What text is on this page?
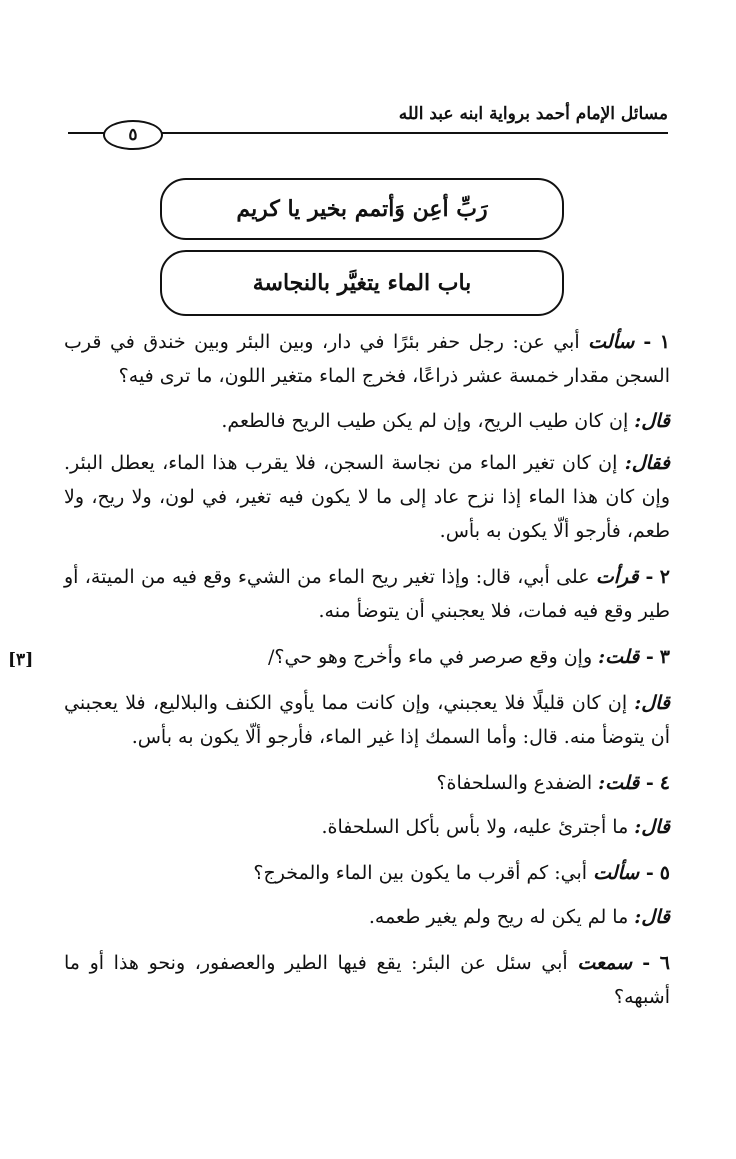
مسائل الإمام أحمد برواية ابنه عبد الله
٥
رَبِّ أعِن وَأتمم بخير يا كريم
باب الماء يتغيَّر بالنجاسة
[٣]
١ - سألت أبي عن: رجل حفر بئرًا في دار، وبين البئر وبين خندق في قرب السجن مقدار خمسة عشر ذراعًا، فخرج الماء متغير اللون، ما ترى فيه؟
قال: إن كان طيب الريح، وإن لم يكن طيب الريح فالطعم.
فقال: إن كان تغير الماء من نجاسة السجن، فلا يقرب هذا الماء، يعطل البئر. وإن كان هذا الماء إذا نزح عاد إلى ما لا يكون فيه تغير، في لون، ولا ريح، ولا طعم، فأرجو ألّا يكون به بأس.
٢ - قرأت على أبي، قال: وإذا تغير ريح الماء من الشيء وقع فيه من الميتة، أو طير وقع فيه فمات، فلا يعجبني أن يتوضأ منه.
٣ - قلت: وإن وقع صرصر في ماء وأخرج وهو حي؟/
قال: إن كان قليلًا فلا يعجبني، وإن كانت مما يأوي الكنف والبلاليع، فلا يعجبني أن يتوضأ منه. قال: وأما السمك إذا غير الماء، فأرجو ألّا يكون به بأس.
٤ - قلت: الضفدع والسلحفاة؟
قال: ما أجترئ عليه، ولا بأس بأكل السلحفاة.
٥ - سألت أبي: كم أقرب ما يكون بين الماء والمخرج؟
قال: ما لم يكن له ريح ولم يغير طعمه.
٦ - سمعت أبي سئل عن البئر: يقع فيها الطير والعصفور، ونحو هذا أو ما أشبهه؟
